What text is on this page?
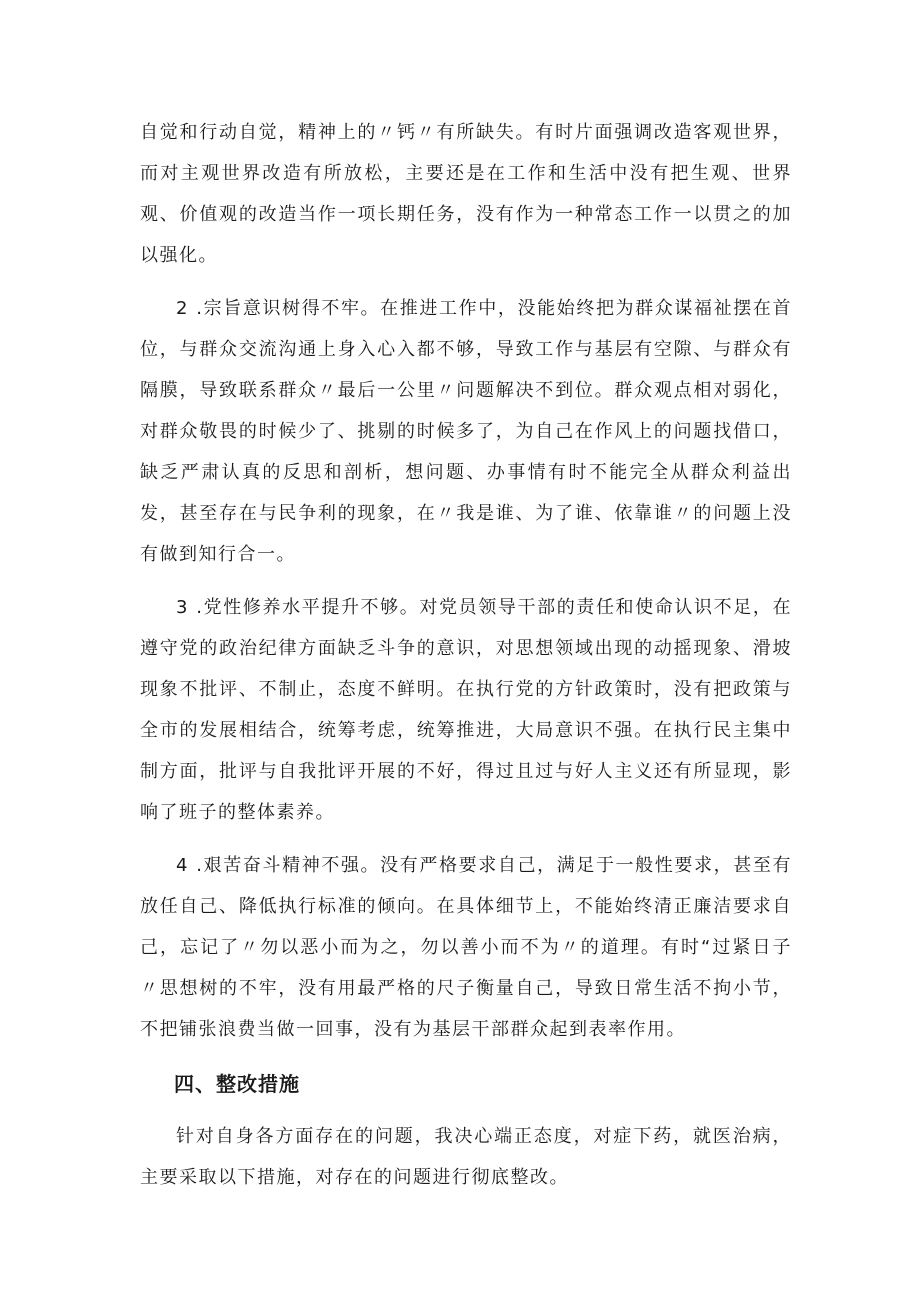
自觉和行动自觉，精神上的〃钙〃有所缺失。有时片面强调改造客观世界，而对主观世界改造有所放松，主要还是在工作和生活中没有把生观、世界观、价值观的改造当作一项长期任务，没有作为一种常态工作一以贯之的加以强化。

2 .宗旨意识树得不牢。在推进工作中，没能始终把为群众谋福祉摆在首位，与群众交流沟通上身入心入都不够，导致工作与基层有空隙、与群众有隔膜，导致联系群众〃最后一公里〃问题解决不到位。群众观点相对弱化，对群众敬畏的时候少了、挑剔的时候多了，为自己在作风上的问题找借口，缺乏严肃认真的反思和剖析，想问题、办事情有时不能完全从群众利益出发，甚至存在与民争利的现象，在〃我是谁、为了谁、依靠谁〃的问题上没有做到知行合一。

3 .党性修养水平提升不够。对党员领导干部的责任和使命认识不足，在遵守党的政治纪律方面缺乏斗争的意识，对思想领域出现的动摇现象、滑坡现象不批评、不制止，态度不鲜明。在执行党的方针政策时，没有把政策与全市的发展相结合，统筹考虑，统筹推进，大局意识不强。在执行民主集中制方面，批评与自我批评开展的不好，得过且过与好人主义还有所显现，影响了班子的整体素养。

4 .艰苦奋斗精神不强。没有严格要求自己，满足于一般性要求，甚至有放任自己、降低执行标准的倾向。在具体细节上，不能始终清正廉洁要求自己，忘记了〃勿以恶小而为之，勿以善小而不为〃的道理。有时“过紧日子〃思想树的不牢，没有用最严格的尺子衡量自己，导致日常生活不拘小节，不把铺张浪费当做一回事，没有为基层干部群众起到表率作用。

四、整改措施

针对自身各方面存在的问题，我决心端正态度，对症下药，就医治病，主要采取以下措施，对存在的问题进行彻底整改。
